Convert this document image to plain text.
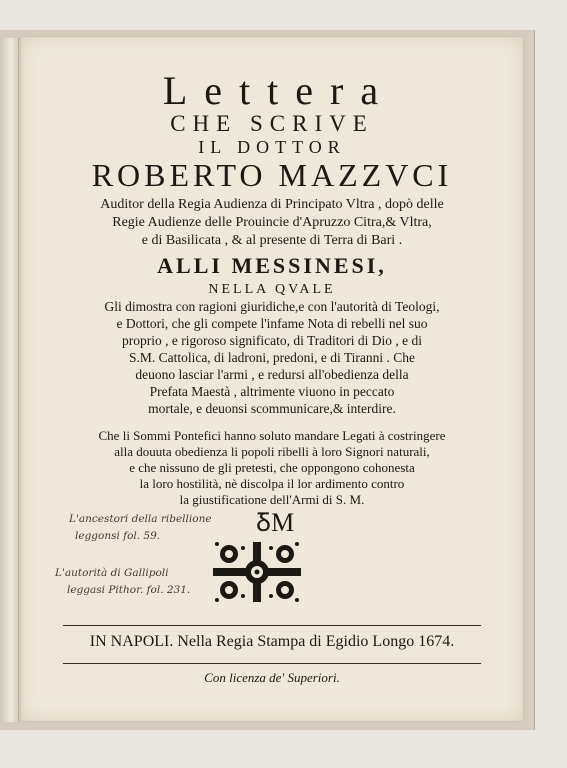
Lettera
CHE SCRIVE
IL DOTTOR
ROBERTO MAZZVCI
Auditor della Regia Audienza di Principato Vltra , dopò delle
Regie Audienze delle Prouincie d'Apruzzo Citra,& Vltra,
e di Basilicata , & al presente di Terra di Bari .
ALLI MESSINESI,
NELLA QVALE
Gli dimostra con ragioni giuridiche,e con l'autorità di Teologi,
e Dottori, che gli compete l'infame Nota di rebelli nel suo
proprio , e rigoroso significato, di Traditori di Dio , e di
S.M. Cattolica, di ladroni, predoni, e di Tiranni . Che
deuono lasciar l'armi , e redursi all'obedienza della
Prefata Maestà , altrimente viuono in peccato
mortale, e deuonsi scommunicare,& interdire.
Che li Sommi Pontefici hanno soluto mandare Legati à costringere
alla douuta obedienza li popoli ribelli à loro Signori naturali,
e che nissuno de gli pretesti, che oppongono cohonesta
la loro hostilità, nè discolpa il lor ardimento contro
la giustificatione dell'Armi di S. M.
L'ancestori della ribellione
leggonsi fol. 59.
L'autorità di Gallipoli
leggasi Pithor. fol. 231.
ꝽM
IN NAPOLI. Nella Regia Stampa di Egidio Longo 1674.
Con licenza de' Superiori.
